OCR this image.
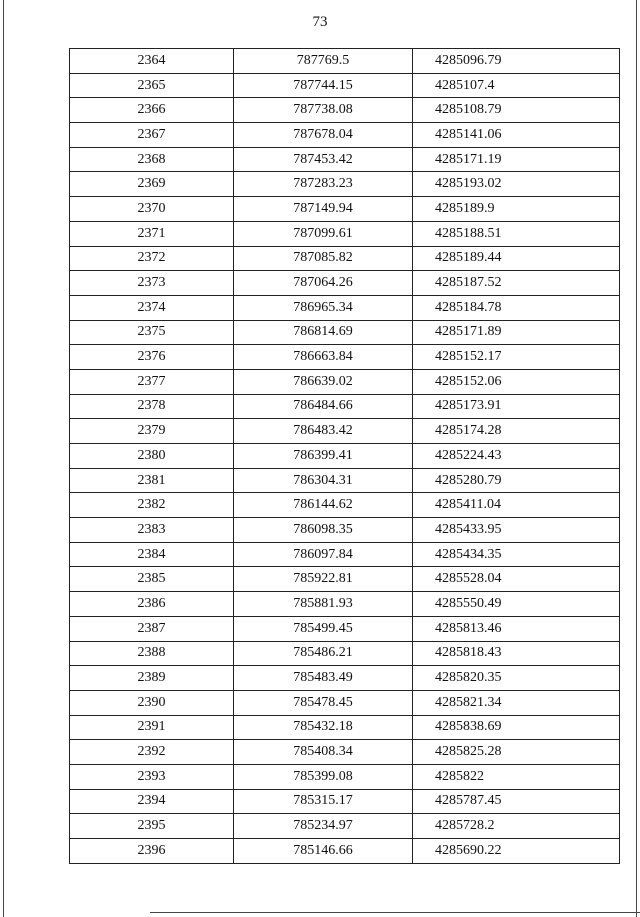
73
2364	787769.5	4285096.79
2365	787744.15	4285107.4
2366	787738.08	4285108.79
2367	787678.04	4285141.06
2368	787453.42	4285171.19
2369	787283.23	4285193.02
2370	787149.94	4285189.9
2371	787099.61	4285188.51
2372	787085.82	4285189.44
2373	787064.26	4285187.52
2374	786965.34	4285184.78
2375	786814.69	4285171.89
2376	786663.84	4285152.17
2377	786639.02	4285152.06
2378	786484.66	4285173.91
2379	786483.42	4285174.28
2380	786399.41	4285224.43
2381	786304.31	4285280.79
2382	786144.62	4285411.04
2383	786098.35	4285433.95
2384	786097.84	4285434.35
2385	785922.81	4285528.04
2386	785881.93	4285550.49
2387	785499.45	4285813.46
2388	785486.21	4285818.43
2389	785483.49	4285820.35
2390	785478.45	4285821.34
2391	785432.18	4285838.69
2392	785408.34	4285825.28
2393	785399.08	4285822
2394	785315.17	4285787.45
2395	785234.97	4285728.2
2396	785146.66	4285690.22
